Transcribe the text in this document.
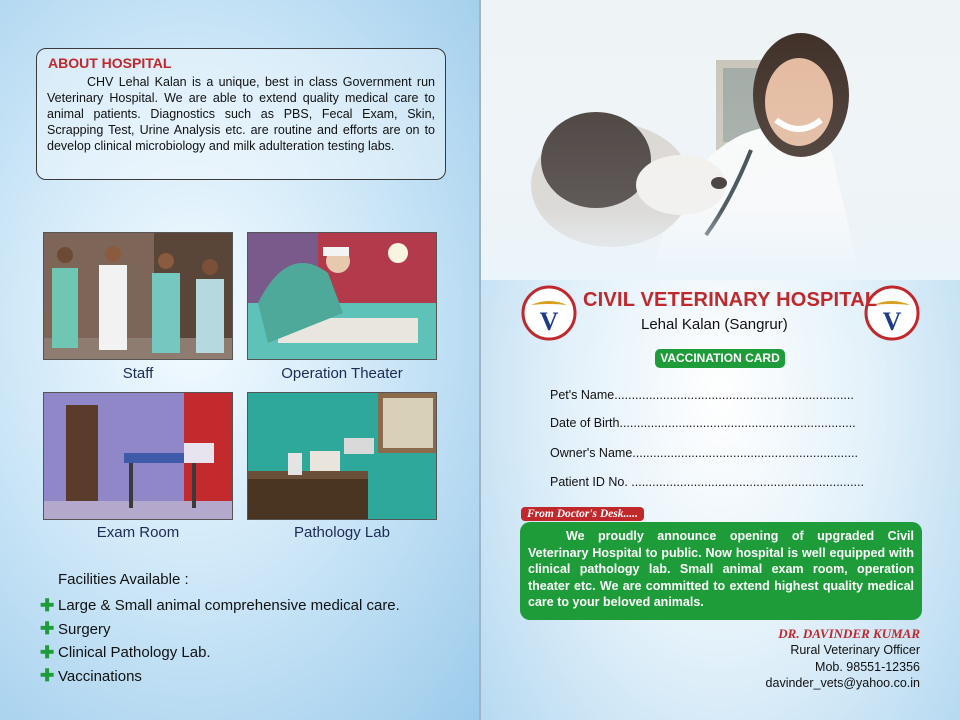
ABOUT HOSPITAL
CHV Lehal Kalan is a unique, best in class Government run Veterinary Hospital. We are able to extend quality medical care to animal patients. Diagnostics such as PBS, Fecal Exam, Skin, Scrapping Test, Urine Analysis etc. are routine and efforts are on to develop clinical microbiology and milk adulteration testing labs.
Staff	Operation Theater
Exam Room	Pathology Lab
Facilities Available :
✚ Large & Small animal comprehensive medical care.
✚ Surgery
✚ Clinical Pathology Lab.
✚ Vaccinations
V	V
CIVIL VETERINARY HOSPITAL
Lehal Kalan (Sangrur)
VACCINATION CARD
Pet's Name.....................................................................
Date of Birth....................................................................
Owner's Name.................................................................
Patient ID No. ...................................................................
We proudly announce opening of upgraded Civil Veterinary Hospital to public. Now hospital is well equipped with clinical pathology lab. Small animal exam room, operation theater etc. We are committed to extend highest quality medical care to your beloved animals.
From Doctor's Desk.....
DR. DAVINDER KUMAR
Rural Veterinary Officer
Mob. 98551-12356
davinder_vets@yahoo.co.in
